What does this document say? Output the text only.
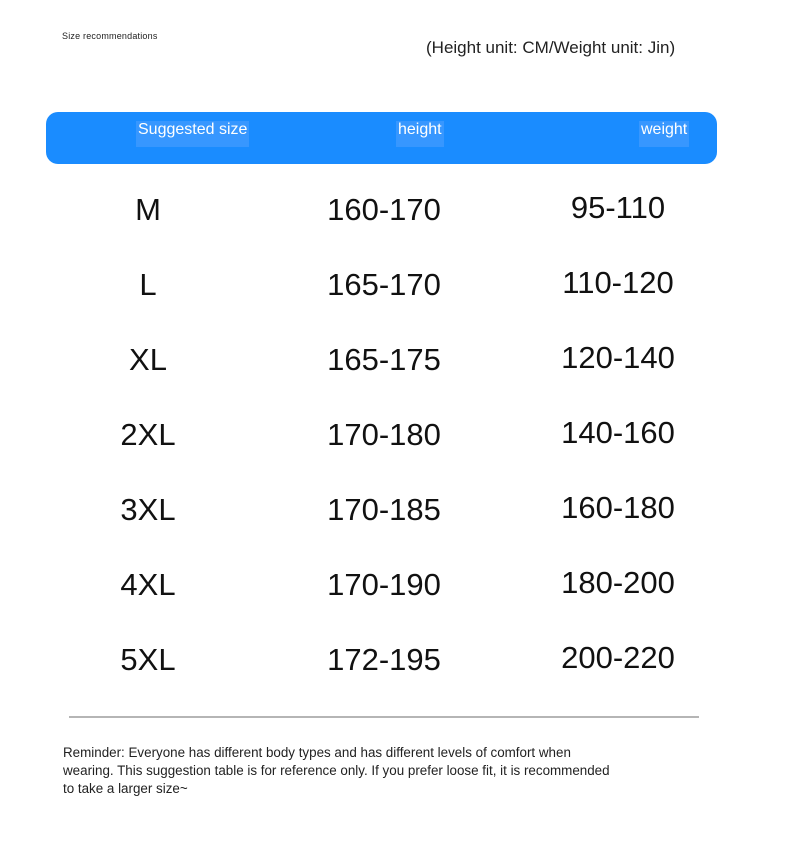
Size recommendations
(Height unit: CM/Weight unit: Jin)
Suggested size	height	weight
M	160-170	95-110
L	165-170	110-120
XL	165-175	120-140
2XL	170-180	140-160
3XL	170-185	160-180
4XL	170-190	180-200
5XL	172-195	200-220
Reminder: Everyone has different body types and has different levels of comfort when
wearing. This suggestion table is for reference only. If you prefer loose fit, it is recommended
to take a larger size~
